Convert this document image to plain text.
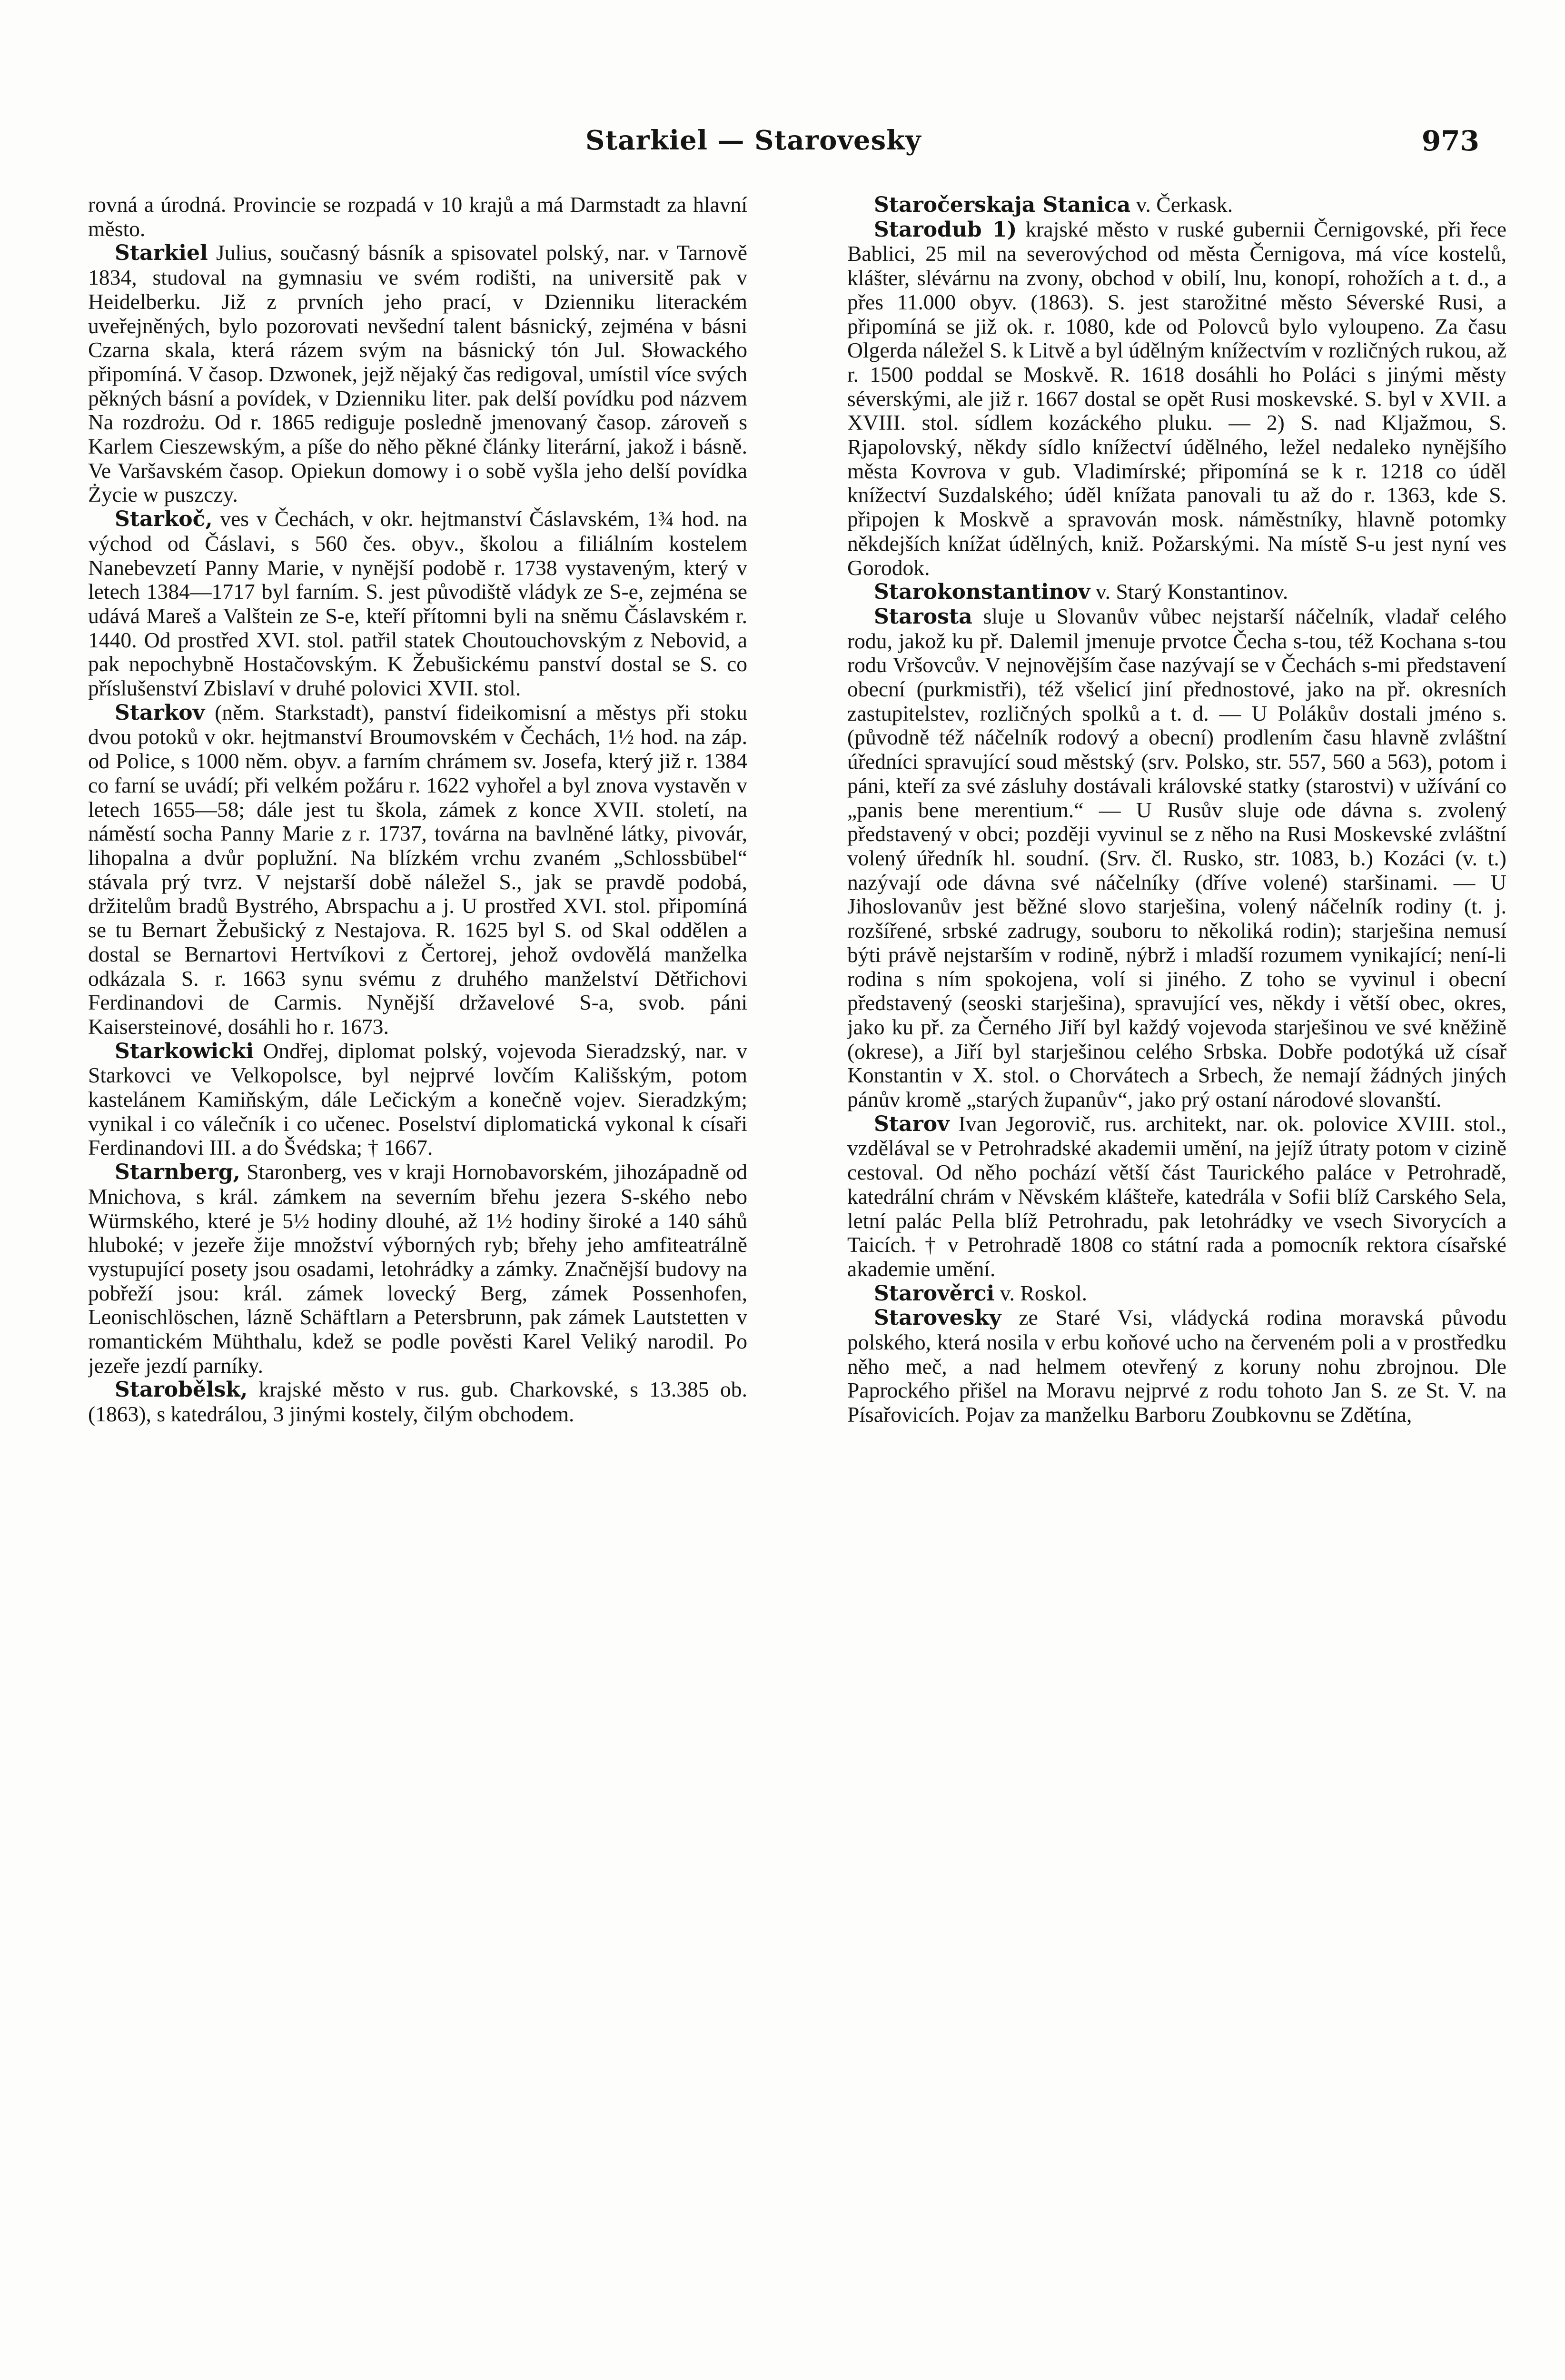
Starkiel — Starovesky	973

rovná a úrodná. Provincie se rozpadá v 10 krajů a má Darmstadt za hlavní město.

Starkiel Julius, současný básník a spisovatel polský, nar. v Tarnově 1834, studoval na gymnasiu ve svém rodišti, na universitě pak v Heidelberku. Již z prvních jeho prací, v Dzienniku literackém uveřejněných, bylo pozorovati nevšední talent básnický, zejména v básni Czarna skala, která rázem svým na básnický tón Jul. Słowackého připomíná. V časop. Dzwonek, jejž nějaký čas redigoval, umístil více svých pěkných básní a povídek, v Dzienniku liter. pak delší povídku pod názvem Na rozdrożu. Od r. 1865 rediguje posledně jmenovaný časop. zároveň s Karlem Cieszewským, a píše do něho pěkné články literární, jakož i básně. Ve Varšavském časop. Opiekun domowy i o sobě vyšla jeho delší povídka Życie w puszczy.

Starkoč, ves v Čechách, v okr. hejtmanství Čáslavském, 1¾ hod. na východ od Čáslavi, s 560 čes. obyv., školou a filiálním kostelem Nanebevzetí Panny Marie, v nynější podobě r. 1738 vystaveným, který v letech 1384—1717 byl farním. S. jest původiště vládyk ze S-e, zejména se udává Mareš a Valštein ze S-e, kteří přítomni byli na sněmu Čáslavském r. 1440. Od prostřed XVI. stol. patřil statek Choutouchovským z Nebovid, a pak nepochybně Hostačovským. K Žebušickému panství dostal se S. co příslušenství Zbislaví v druhé polovici XVII. stol.

Starkov (něm. Starkstadt), panství fideikomisní a městys při stoku dvou potoků v okr. hejtmanství Broumovském v Čechách, 1½ hod. na záp. od Police, s 1000 něm. obyv. a farním chrámem sv. Josefa, který již r. 1384 co farní se uvádí; při velkém požáru r. 1622 vyhořel a byl znova vystavěn v letech 1655—58; dále jest tu škola, zámek z konce XVII. století, na náměstí socha Panny Marie z r. 1737, továrna na bavlněné látky, pivovár, lihopalna a dvůr poplužní. Na blízkém vrchu zvaném „Schlossbübel“ stávala prý tvrz. V nejstarší době náležel S., jak se pravdě podobá, držitelům bradů Bystrého, Abrspachu a j. U prostřed XVI. stol. připomíná se tu Bernart Žebušický z Nestajova. R. 1625 byl S. od Skal oddělen a dostal se Bernartovi Hertvíkovi z Čertorej, jehož ovdovělá manželka odkázala S. r. 1663 synu svému z druhého manželství Dětřichovi Ferdinandovi de Carmis. Nynější državelové S-a, svob. páni Kaisersteinové, dosáhli ho r. 1673.

Starkowicki Ondřej, diplomat polský, vojevoda Sieradzský, nar. v Starkovci ve Velkopolsce, byl nejprvé lovčím Kališským, potom kastelánem Kamiňským, dále Lečickým a konečně vojev. Sieradzkým; vynikal i co válečník i co učenec. Poselství diplomatická vykonal k císaři Ferdinandovi III. a do Švédska; † 1667.

Starnberg, Staronberg, ves v kraji Hornobavorském, jihozápadně od Mnichova, s král. zámkem na severním břehu jezera S-ského nebo Würmského, které je 5½ hodiny dlouhé, až 1½ hodiny široké a 140 sáhů hluboké; v jezeře žije množství výborných ryb; břehy jeho amfiteatrálně vystupující posety jsou osadami, letohrádky a zámky. Značnější budovy na pobřeží jsou: král. zámek lovecký Berg, zámek Possenhofen, Leonischlöschen, lázně Schäftlarn a Petersbrunn, pak zámek Lautstetten v romantickém Mühthalu, kdež se podle pověsti Karel Veliký narodil. Po jezeře jezdí parníky.

Starobělsk, krajské město v rus. gub. Charkovské, s 13.385 ob. (1863), s katedrálou, 3 jinými kostely, čilým obchodem.

Staročerskaja Stanica v. Čerkask.

Starodub 1) krajské město v ruské gubernii Černigovské, při řece Bablici, 25 mil na severovýchod od města Černigova, má více kostelů, klášter, slévárnu na zvony, obchod v obilí, lnu, konopí, rohožích a t. d., a přes 11.000 obyv. (1863). S. jest starožitné město Séverské Rusi, a připomíná se již ok. r. 1080, kde od Polovců bylo vyloupeno. Za času Olgerda náležel S. k Litvě a byl údělným knížectvím v rozličných rukou, až r. 1500 poddal se Moskvě. R. 1618 dosáhli ho Poláci s jinými městy séverskými, ale již r. 1667 dostal se opět Rusi moskevské. S. byl v XVII. a XVIII. stol. sídlem kozáckého pluku. — 2) S. nad Kljažmou, S. Rjapolovský, někdy sídlo knížectví údělného, ležel nedaleko nynějšího města Kovrova v gub. Vladimírské; připomíná se k r. 1218 co úděl knížectví Suzdalského; úděl knížata panovali tu až do r. 1363, kde S. připojen k Moskvě a spravován mosk. náměstníky, hlavně potomky někdejších knížat údělných, kniž. Požarskými. Na místě S-u jest nyní ves Gorodok.

Starokonstantinov v. Starý Konstantinov.

Starosta sluje u Slovanův vůbec nejstarší náčelník, vladař celého rodu, jakož ku př. Dalemil jmenuje prvotce Čecha s-tou, též Kochana s-tou rodu Vršovcův. V nejnovějším čase nazývají se v Čechách s-mi představení obecní (purkmistři), též všelicí jiní přednostové, jako na př. okresních zastupitelstev, rozličných spolků a t. d. — U Polákův dostali jméno s. (původně též náčelník rodový a obecní) prodlením času hlavně zvláštní úředníci spravující soud městský (srv. Polsko, str. 557, 560 a 563), potom i páni, kteří za své zásluhy dostávali královské statky (starostvi) v užívání co „panis bene merentium.“ — U Rusův sluje ode dávna s. zvolený představený v obci; později vyvinul se z něho na Rusi Moskevské zvláštní volený úředník hl. soudní. (Srv. čl. Rusko, str. 1083, b.) Kozáci (v. t.) nazývají ode dávna své náčelníky (dříve volené) staršinami. — U Jihoslovanův jest běžné slovo starješina, volený náčelník rodiny (t. j. rozšířené, srbské zadrugy, souboru to několiká rodin); starješina nemusí býti právě nejstarším v rodině, nýbrž i mladší rozumem vynikající; není-li rodina s ním spokojena, volí si jiného. Z toho se vyvinul i obecní představený (seoski starješina), spravující ves, někdy i větší obec, okres, jako ku př. za Černého Jiří byl každý vojevoda starješinou ve své kněžině (okrese), a Jiří byl starješinou celého Srbska. Dobře podotýká už císař Konstantin v X. stol. o Chorvátech a Srbech, že nemají žádných jiných pánův kromě „starých županův“, jako prý ostaní národové slovanští.

Starov Ivan Jegorovič, rus. architekt, nar. ok. polovice XVIII. stol., vzdělával se v Petrohradské akademii umění, na jejíž útraty potom v cizině cestoval. Od něho pochází větší část Taurického paláce v Petrohradě, katedrální chrám v Něvském klášteře, katedrála v Sofii blíž Carského Sela, letní palác Pella blíž Petrohradu, pak letohrádky ve vsech Sivorycích a Taicích. † v Petrohradě 1808 co státní rada a pomocník rektora císařské akademie umění.

Starověrci v. Roskol.

Starovesky ze Staré Vsi, vládycká rodina moravská původu polského, která nosila v erbu koňové ucho na červeném poli a v prostředku něho meč, a nad helmem otevřený z koruny nohu zbrojnou. Dle Paprockého přišel na Moravu nejprvé z rodu tohoto Jan S. ze St. V. na Písařovicích. Pojav za manželku Barboru Zoubkovnu se Zdětína,
